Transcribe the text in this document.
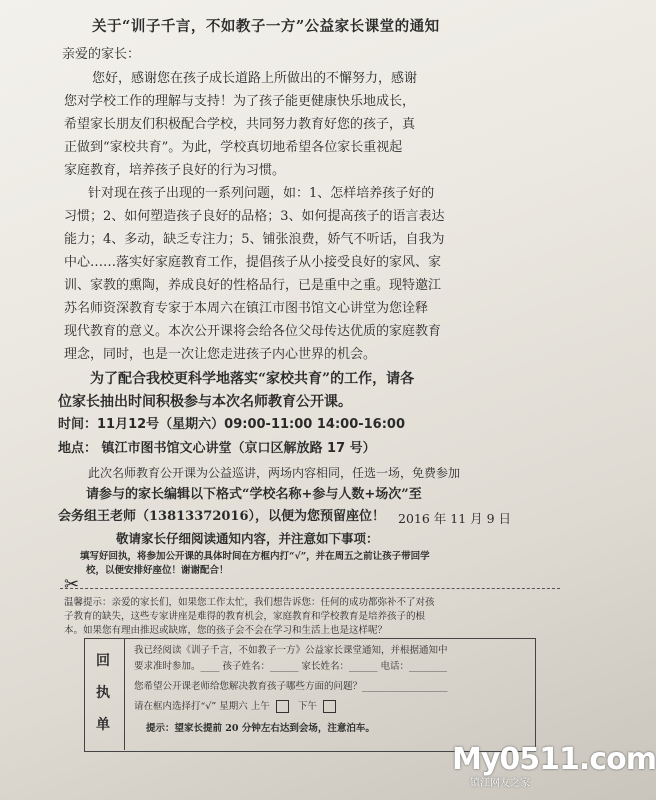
关于“训子千言，不如教子一方”公益家长课堂的通知
亲爱的家长：
您好，感谢您在孩子成长道路上所做出的不懈努力，感谢
您对学校工作的理解与支持！为了孩子能更健康快乐地成长，
希望家长朋友们积极配合学校，共同努力教育好您的孩子，真
正做到“家校共育”。为此，学校真切地希望各位家长重视起
家庭教育，培养孩子良好的行为习惯。
针对现在孩子出现的一系列问题，如：1、怎样培养孩子好的
习惯；2、如何塑造孩子良好的品格；3、如何提高孩子的语言表达
能力；4、多动，缺乏专注力；5、铺张浪费，娇气不听话，自我为
中心……落实好家庭教育工作，提倡孩子从小接受良好的家风、家
训、家教的熏陶，养成良好的性格品行，已是重中之重。现特邀江
苏名师资深教育专家于本周六在镇江市图书馆文心讲堂为您诠释
现代教育的意义。本次公开课将会给各位父母传达优质的家庭教育
理念，同时，也是一次让您走进孩子内心世界的机会。
为了配合我校更科学地落实“家校共育”的工作，请各
位家长抽出时间积极参与本次名师教育公开课。
时间：11月12号（星期六）09:00-11:00 14:00-16:00
地点： 镇江市图书馆文心讲堂（京口区解放路 17 号）
此次名师教育公开课为公益巡讲，两场内容相同，任选一场，免费参加
请参与的家长编辑以下格式“学校名称+参与人数+场次”至
会务组王老师（13813372016），以便为您预留座位！ 2016 年 11 月 9 日
敬请家长仔细阅读通知内容，并注意如下事项：
填写好回执，将参加公开课的具体时间在方框内打“√”，并在周五之前让孩子带回学
校，以便安排好座位！谢谢配合！
✂
温馨提示：亲爱的家长们，如果您工作太忙，我们想告诉您：任何的成功都弥补不了对孩
子教育的缺失，这些专家讲座是难得的教育机会，家庭教育和学校教育是培养孩子的根
本。如果您有理由推迟或缺席，您的孩子会不会在学习和生活上也是这样呢？
回
执
单
我已经阅读《训子千言，不如教子一方》公益家长课堂通知，并根据通知中
要求准时参加。____ 孩子姓名：______ 家长姓名：______ 电话：________
您希望公开课老师给您解决教育孩子哪些方面的问题？__________________
请在框内选择打“√” 星期六 上午	下午
提示：望家长提前 20 分钟左右达到会场，注意泊车。
My0511.com
镇江网友之家
